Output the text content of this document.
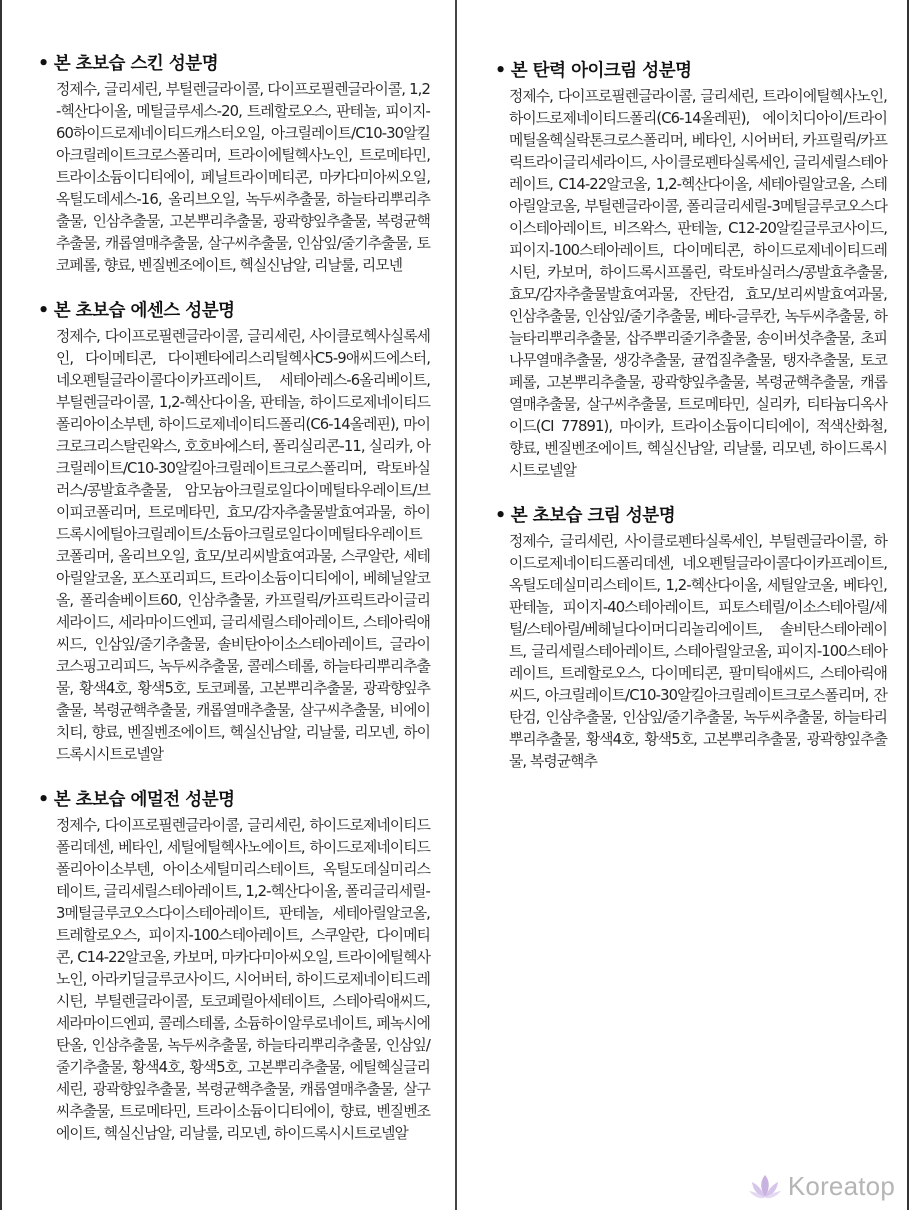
• 본 초보습 스킨 성분명

정제수, 글리세린, 부틸렌글라이콜, 다이프로필렌글라이콜, 1,2-헥산다이올, 메틸글루세스-20, 트레할로오스, 판테놀, 피이지-60하이드로제네이티드캐스터오일, 아크릴레이트/C10-30알킬아크릴레이트크로스폴리머, 트라이에틸헥사노인, 트로메타민, 트라이소듐이디티에이, 페닐트라이메티콘, 마카다미아씨오일, 옥틸도데세스-16, 올리브오일, 녹두씨추출물, 하늘타리뿌리추출물, 인삼추출물, 고본뿌리추출물, 광곽향잎추출물, 복령균핵추출물, 캐롭열매추출물, 살구씨추출물, 인삼잎/줄기추출물, 토코페롤, 향료, 벤질벤조에이트, 헥실신남알, 리날룰, 리모넨

• 본 초보습 에센스 성분명

정제수, 다이프로필렌글라이콜, 글리세린, 사이클로헥사실록세인, 다이메티콘, 다이펜타에리스리틸헥사C5-9애씨드에스터, 네오펜틸글라이콜다이카프레이트, 세테아레스-6올리베이트, 부틸렌글라이콜, 1,2-헥산다이올, 판테놀, 하이드로제네이티드폴리아이소부텐, 하이드로제네이티드폴리(C6-14올레핀), 마이크로크리스탈린왁스, 호호바에스터, 폴리실리콘-11, 실리카, 아크릴레이트/C10-30알킬아크릴레이트크로스폴리머, 락토바실러스/콩발효추출물, 암모늄아크릴로일다이메틸타우레이트/브이피코폴리머, 트로메타민, 효모/감자추출물발효여과물, 하이드록시에틸아크릴레이트/소듐아크릴로일다이메틸타우레이트코폴리머, 올리브오일, 효모/보리씨발효여과물, 스쿠알란, 세테아릴알코올, 포스포리피드, 트라이소듐이디티에이, 베헤닐알코올, 폴리솔베이트60, 인삼추출물, 카프릴릭/카프릭트라이글리세라이드, 세라마이드엔피, 글리세릴스테아레이트, 스테아릭애씨드, 인삼잎/줄기추출물, 솔비탄아이소스테아레이트, 글라이코스핑고리피드, 녹두씨추출물, 콜레스테롤, 하늘타리뿌리추출물, 황색4호, 황색5호, 토코페롤, 고본뿌리추출물, 광곽향잎추출물, 복령균핵추출물, 캐롭열매추출물, 살구씨추출물, 비에이치티, 향료, 벤질벤조에이트, 헥실신남알, 리날룰, 리모넨, 하이드록시시트로넬알

• 본 초보습 에멀전 성분명

정제수, 다이프로필렌글라이콜, 글리세린, 하이드로제네이티드폴리데센, 베타인, 세틸에틸헥사노에이트, 하이드로제네이티드폴리아이소부텐, 아이소세틸미리스테이트, 옥틸도데실미리스테이트, 글리세릴스테아레이트, 1,2-헥산다이올, 폴리글리세릴-3메틸글루코오스다이스테아레이트, 판테놀, 세테아릴알코올, 트레할로오스, 피이지-100스테아레이트, 스쿠알란, 다이메티콘, C14-22알코올, 카보머, 마카다미아씨오일, 트라이에틸헥사노인, 아라키딜글루코사이드, 시어버터, 하이드로제네이티드레시틴, 부틸렌글라이콜, 토코페릴아세테이트, 스테아릭애씨드, 세라마이드엔피, 콜레스테롤, 소듐하이알루로네이트, 페녹시에탄올, 인삼추출물, 녹두씨추출물, 하늘타리뿌리추출물, 인삼잎/줄기추출물, 황색4호, 황색5호, 고본뿌리추출물, 에틸헥실글리세린, 광곽향잎추출물, 복령균핵추출물, 캐롭열매추출물, 살구씨추출물, 트로메타민, 트라이소듐이디티에이, 향료, 벤질벤조에이트, 헥실신남알, 리날룰, 리모넨, 하이드록시시트로넬알

• 본 탄력 아이크림 성분명

정제수, 다이프로필렌글라이콜, 글리세린, 트라이에틸헥사노인, 하이드로제네이티드폴리(C6-14올레핀), 에이치디아이/트라이메틸올헥실락톤크로스폴리머, 베타인, 시어버터, 카프릴릭/카프릭트라이글리세라이드, 사이클로펜타실록세인, 글리세릴스테아레이트, C14-22알코올, 1,2-헥산다이올, 세테아릴알코올, 스테아릴알코올, 부틸렌글라이콜, 폴리글리세릴-3메틸글루코오스다이스테아레이트, 비즈왁스, 판테놀, C12-20알킬글루코사이드, 피이지-100스테아레이트, 다이메티콘, 하이드로제네이티드레시틴, 카보머, 하이드록시프롤린, 락토바실러스/콩발효추출물, 효모/감자추출물발효여과물, 잔탄검, 효모/보리씨발효여과물, 인삼추출물, 인삼잎/줄기추출물, 베타-글루칸, 녹두씨추출물, 하늘타리뿌리추출물, 삽주뿌리줄기추출물, 송이버섯추출물, 초피나무열매추출물, 생강추출물, 귤껍질추출물, 탱자추출물, 토코페롤, 고본뿌리추출물, 광곽향잎추출물, 복령균핵추출물, 캐롭열매추출물, 살구씨추출물, 트로메타민, 실리카, 티타늄디옥사이드(CI 77891), 마이카, 트라이소듐이디티에이, 적색산화철, 향료, 벤질벤조에이트, 헥실신남알, 리날룰, 리모넨, 하이드록시시트로넬알

• 본 초보습 크림 성분명

정제수, 글리세린, 사이클로펜타실록세인, 부틸렌글라이콜, 하이드로제네이티드폴리데센, 네오펜틸글라이콜다이카프레이트, 옥틸도데실미리스테이트, 1,2-헥산다이올, 세틸알코올, 베타인, 판테놀, 피이지-40스테아레이트, 피토스테릴/이소스테아릴/세틸/스테아릴/베헤닐다이머디리놀리에이트, 솔비탄스테아레이트, 글리세릴스테아레이트, 스테아릴알코올, 피이지-100스테아레이트, 트레할로오스, 다이메티콘, 팔미틱애씨드, 스테아릭애씨드, 아크릴레이트/C10-30알킬아크릴레이트크로스폴리머, 잔탄검, 인삼추출물, 인삼잎/줄기추출물, 녹두씨추출물, 하늘타리뿌리추출물, 황색4호, 황색5호, 고본뿌리추출물, 광곽향잎추출물, 복령균핵추

Koreatop
